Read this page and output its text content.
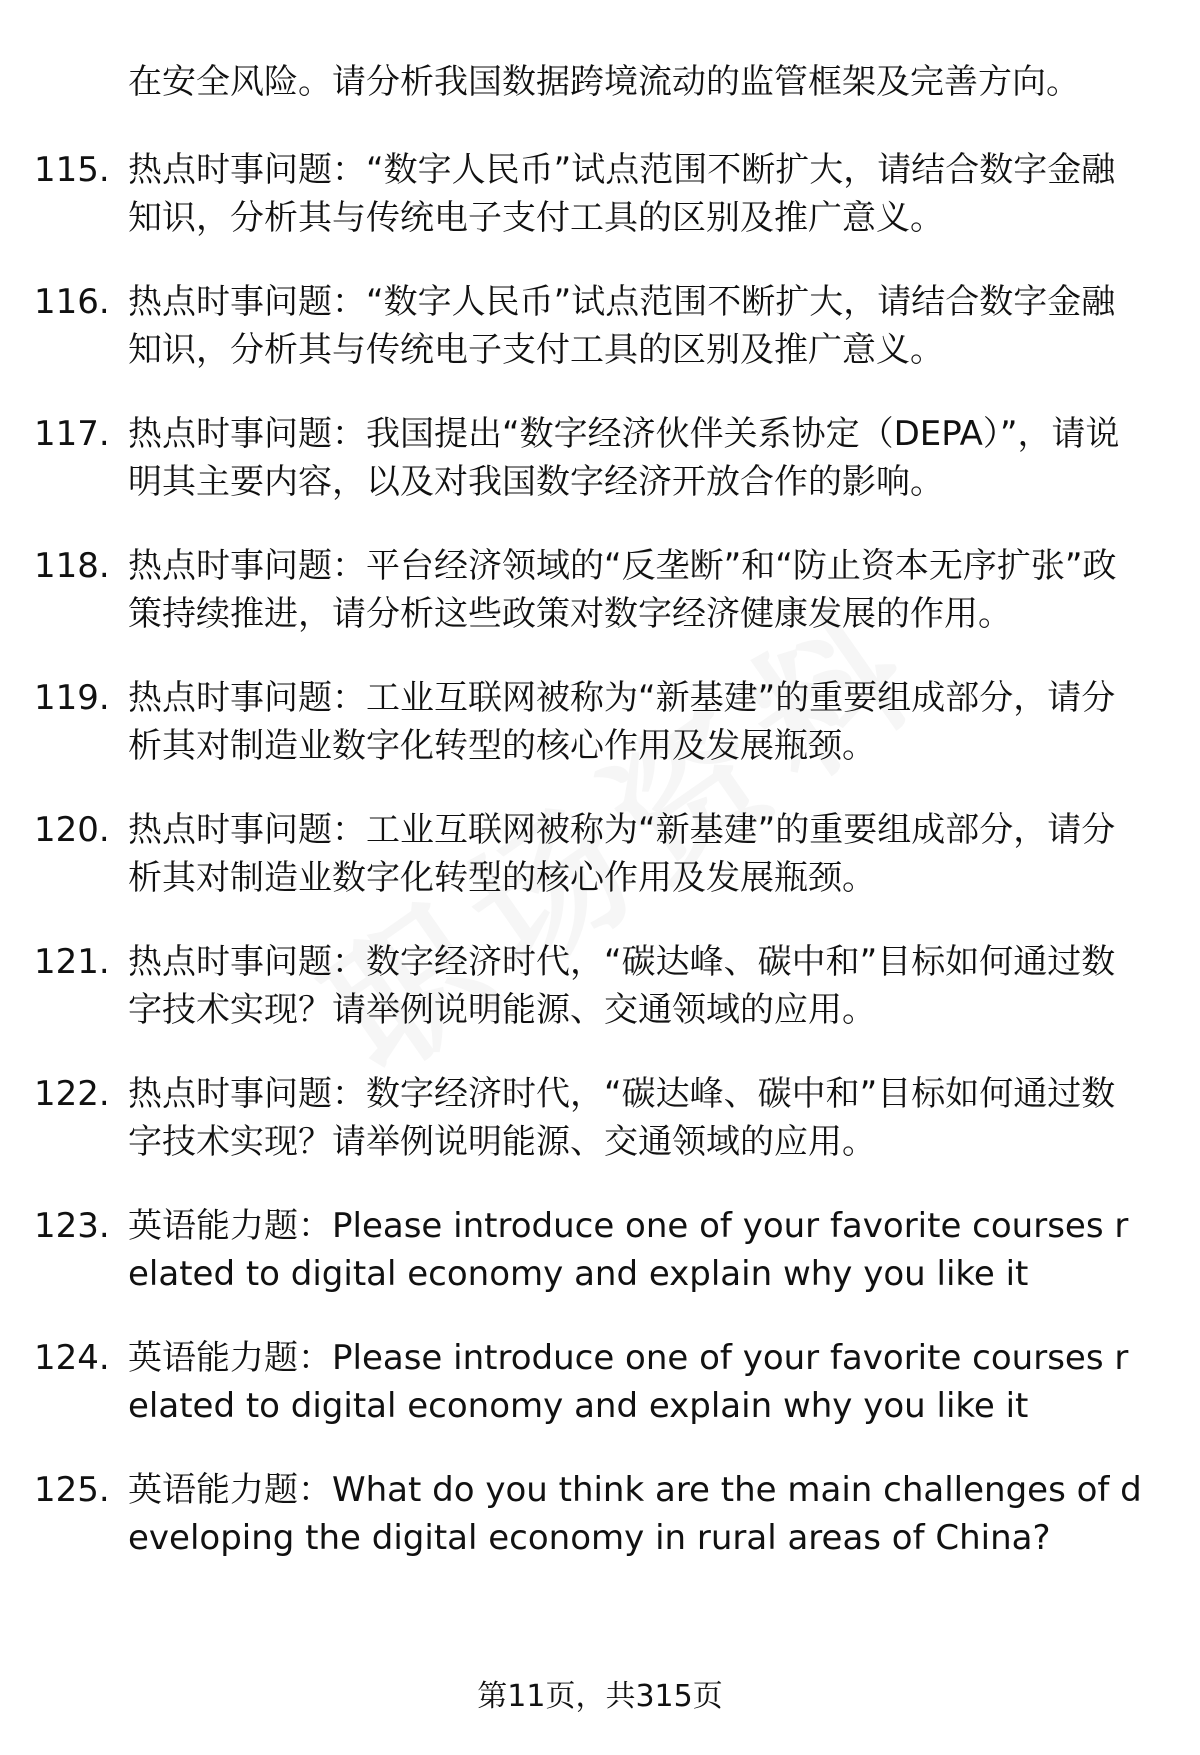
在安全风险。请分析我国数据跨境流动的监管框架及完善方向。
115. 热点时事问题：“数字人民币”试点范围不断扩大，请结合数字金融知识，分析其与传统电子支付工具的区别及推广意义。
116. 热点时事问题：“数字人民币”试点范围不断扩大，请结合数字金融知识，分析其与传统电子支付工具的区别及推广意义。
117. 热点时事问题：我国提出“数字经济伙伴关系协定（DEPA）”，请说明其主要内容，以及对我国数字经济开放合作的影响。
118. 热点时事问题：平台经济领域的“反垄断”和“防止资本无序扩张”政策持续推进，请分析这些政策对数字经济健康发展的作用。
119. 热点时事问题：工业互联网被称为“新基建”的重要组成部分，请分析其对制造业数字化转型的核心作用及发展瓶颈。
120. 热点时事问题：工业互联网被称为“新基建”的重要组成部分，请分析其对制造业数字化转型的核心作用及发展瓶颈。
121. 热点时事问题：数字经济时代，“碳达峰、碳中和”目标如何通过数字技术实现？请举例说明能源、交通领域的应用。
122. 热点时事问题：数字经济时代，“碳达峰、碳中和”目标如何通过数字技术实现？请举例说明能源、交通领域的应用。
123. 英语能力题：Please introduce one of your favorite courses related to digital economy and explain why you like it
124. 英语能力题：Please introduce one of your favorite courses related to digital economy and explain why you like it
125. 英语能力题：What do you think are the main challenges of developing the digital economy in rural areas of China?
第11页，共315页
